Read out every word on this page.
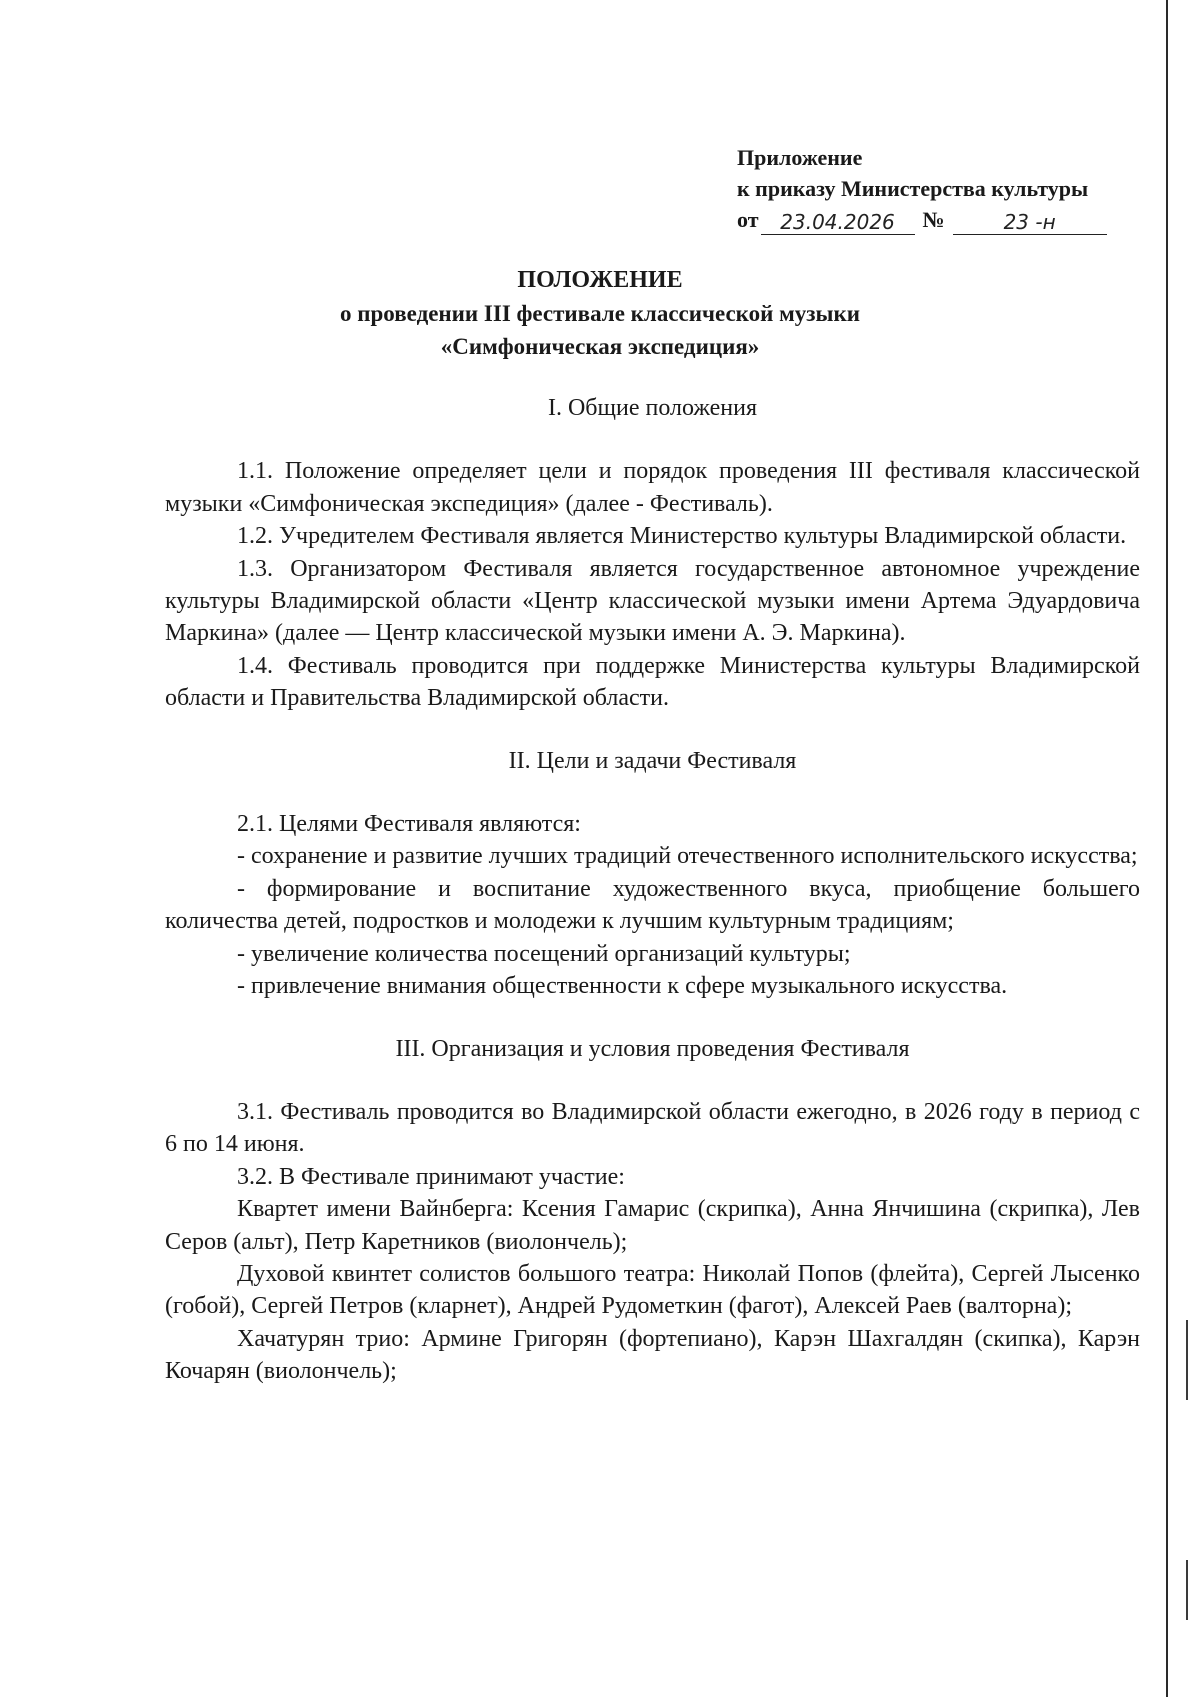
Приложение
к приказу Министерства культуры
от	23.04.2026	№	23 -н
ПОЛОЖЕНИЕ
о проведении III фестивале классической музыки
«Симфоническая экспедиция»

I. Общие положения

1.1. Положение определяет цели и порядок проведения III фестиваля классической музыки «Симфоническая экспедиция» (далее - Фестиваль).

1.2. Учредителем Фестиваля является Министерство культуры Владимирской области.

1.3. Организатором Фестиваля является государственное автономное учреждение культуры Владимирской области «Центр классической музыки имени Артема Эдуардовича Маркина» (далее — Центр классической музыки имени А. Э. Маркина).

1.4. Фестиваль проводится при поддержке Министерства культуры Владимирской области и Правительства Владимирской области.

II. Цели и задачи Фестиваля

2.1. Целями Фестиваля являются:

- сохранение и развитие лучших традиций отечественного исполнительского искусства;

- формирование и воспитание художественного вкуса, приобщение большего количества детей, подростков и молодежи к лучшим культурным традициям;

- увеличение количества посещений организаций культуры;

- привлечение внимания общественности к сфере музыкального искусства.

III. Организация и условия проведения Фестиваля

3.1. Фестиваль проводится во Владимирской области ежегодно, в 2026 году в период с 6 по 14 июня.

3.2. В Фестивале принимают участие:

Квартет имени Вайнберга: Ксения Гамарис (скрипка), Анна Янчишина (скрипка), Лев Серов (альт), Петр Каретников (виолончель);

Духовой квинтет солистов большого театра: Николай Попов (флейта), Сергей Лысенко (гобой), Сергей Петров (кларнет), Андрей Рудометкин (фагот), Алексей Раев (валторна);

Хачатурян трио: Армине Григорян (фортепиано), Карэн Шахгалдян (скипка), Карэн Кочарян (виолончель);
